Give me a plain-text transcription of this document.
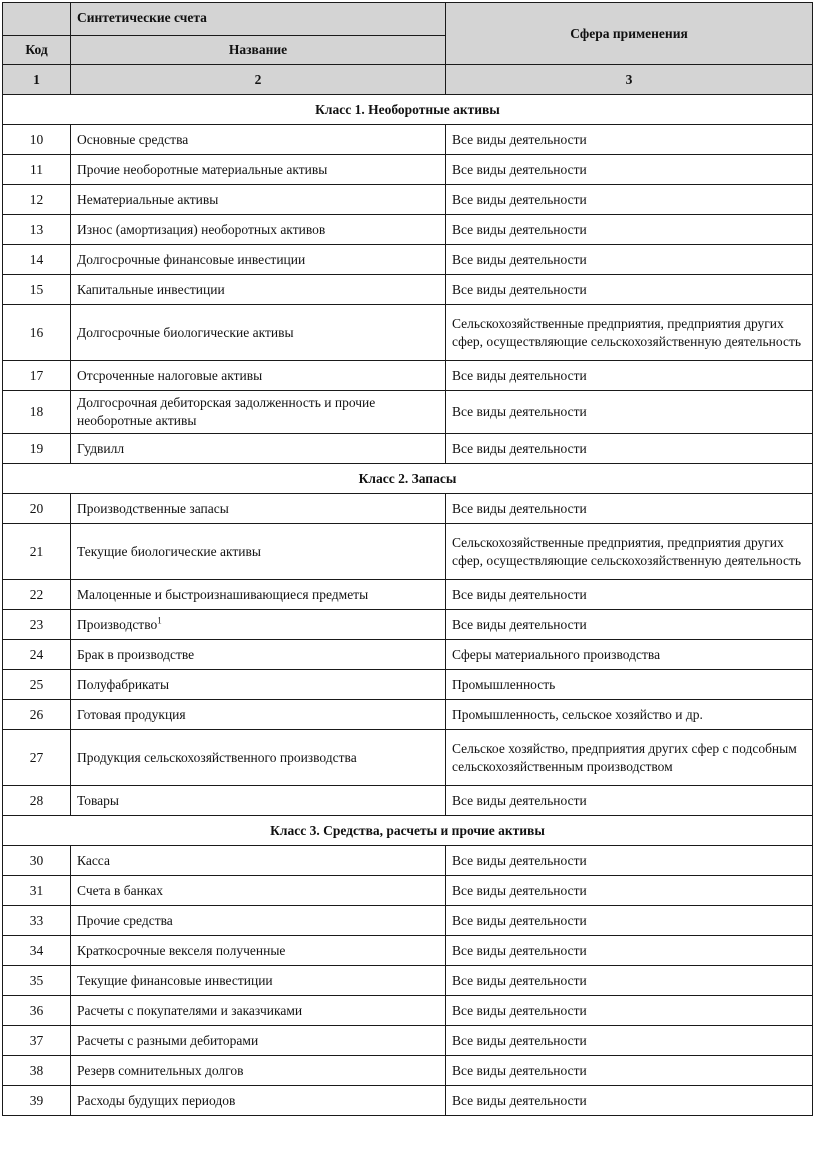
	Синтетические счета	Сфера применения
Код	Название	
1	2	3
Класс 1. Необоротные активы		
10	Основные средства	Все виды деятельности
11	Прочие необоротные материальные активы	Все виды деятельности
12	Нематериальные активы	Все виды деятельности
13	Износ (амортизация) необоротных активов	Все виды деятельности
14	Долгосрочные финансовые инвестиции	Все виды деятельности
15	Капитальные инвестиции	Все виды деятельности
16	Долгосрочные биологические активы	Сельскохозяйственные предприятия, предприятия других сфер, осуществляющие сельскохозяйственную деятельность
17	Отсроченные налоговые активы	Все виды деятельности
18	Долгосрочная дебиторская задолженность и прочие необоротные активы	Все виды деятельности
19	Гудвилл	Все виды деятельности
Класс 2. Запасы		
20	Производственные запасы	Все виды деятельности
21	Текущие биологические активы	Сельскохозяйственные предприятия, предприятия других сфер, осуществляющие сельскохозяйственную деятельность
22	Малоценные и быстроизнашивающиеся предметы	Все виды деятельности
23	Производство$^1$	Все виды деятельности
24	Брак в производстве	Сферы материального производства
25	Полуфабрикаты	Промышленность
26	Готовая продукция	Промышленность, сельское хозяйство и др.
27	Продукция сельскохозяйственного производства	Сельское хозяйство, предприятия других сфер с подсобным сельскохозяйственным производством
28	Товары	Все виды деятельности
Класс 3. Средства, расчеты и прочие активы		
30	Касса	Все виды деятельности
31	Счета в банках	Все виды деятельности
33	Прочие средства	Все виды деятельности
34	Краткосрочные векселя полученные	Все виды деятельности
35	Текущие финансовые инвестиции	Все виды деятельности
36	Расчеты с покупателями и заказчиками	Все виды деятельности
37	Расчеты с разными дебиторами	Все виды деятельности
38	Резерв сомнительных долгов	Все виды деятельности
39	Расходы будущих периодов	Все виды деятельности
